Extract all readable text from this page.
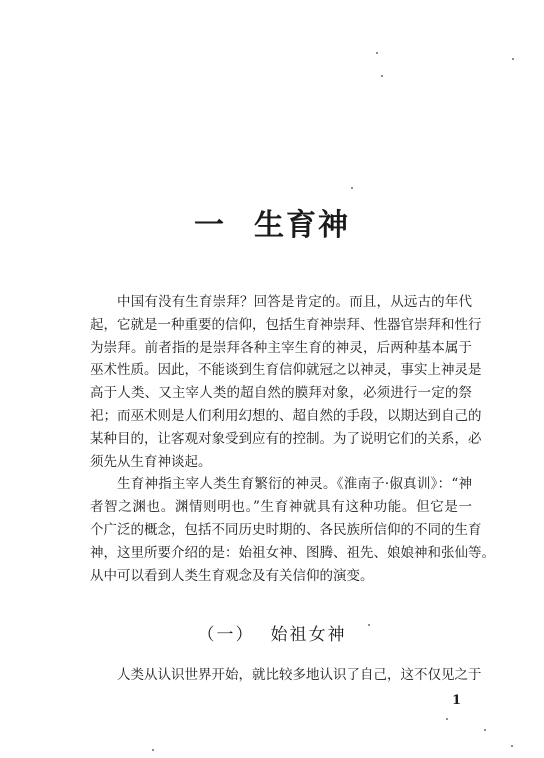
一 生育神
中国有没有生育崇拜？回答是肯定的。而且，从远古的年代
起，它就是一种重要的信仰，包括生育神崇拜、性器官崇拜和性行
为崇拜。前者指的是崇拜各种主宰生育的神灵，后两种基本属于
巫术性质。因此，不能谈到生育信仰就冠之以神灵，事实上神灵是
高于人类、又主宰人类的超自然的膜拜对象，必须进行一定的祭
祀；而巫术则是人们利用幻想的、超自然的手段，以期达到自己的
某种目的，让客观对象受到应有的控制。为了说明它们的关系，必
须先从生育神谈起。
生育神指主宰人类生育繁衍的神灵。《淮南子·俶真训》：“神
者智之渊也。渊情则明也。”生育神就具有这种功能。但它是一
个广泛的概念，包括不同历史时期的、各民族所信仰的不同的生育
神，这里所要介绍的是：始祖女神、图腾、祖先、娘娘神和张仙等。
从中可以看到人类生育观念及有关信仰的演变。
（一） 始祖女神
人类从认识世界开始，就比较多地认识了自己，这不仅见之于
1
